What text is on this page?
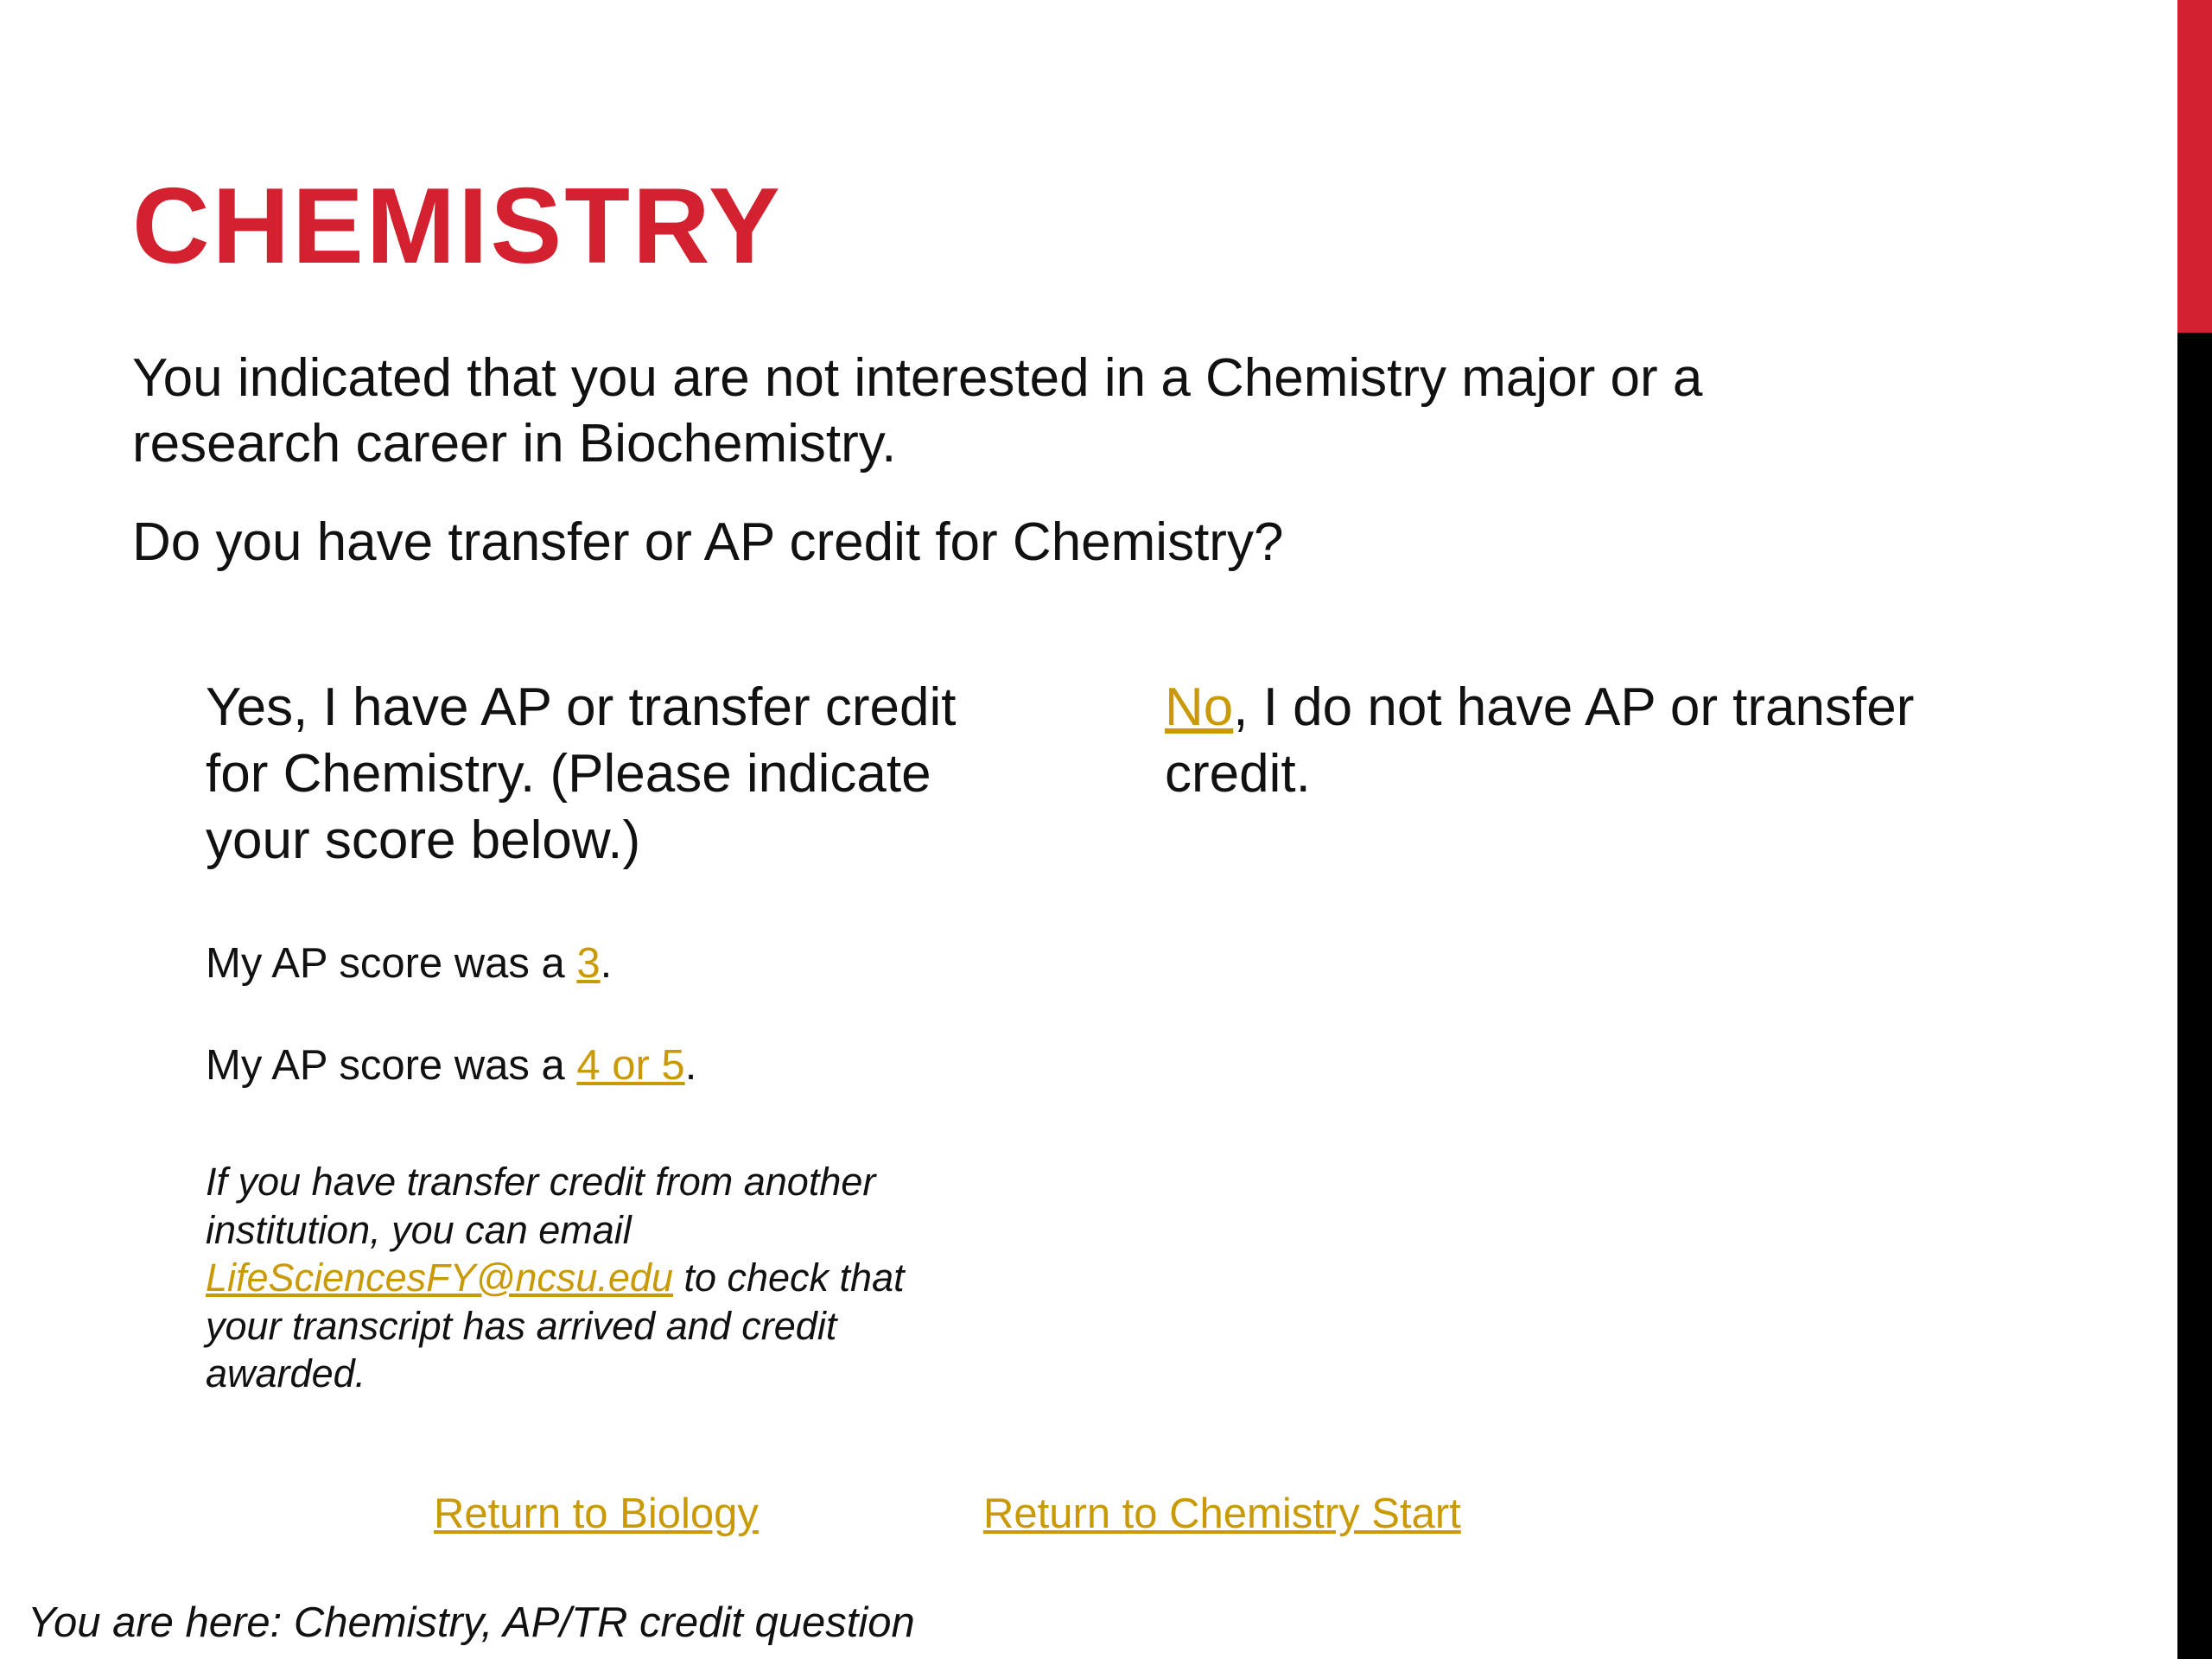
CHEMISTRY

You indicated that you are not interested in a Chemistry major or a research career in Biochemistry.

Do you have transfer or AP credit for Chemistry?

Yes, I have AP or transfer credit for Chemistry. (Please indicate your score below.)

No, I do not have AP or transfer credit.

My AP score was a 3.

My AP score was a 4 or 5.

If you have transfer credit from another institution, you can email LifeSciencesFY@ncsu.edu to check that your transcript has arrived and credit awarded.

Return to Biology	Return to Chemistry Start

You are here: Chemistry, AP/TR credit question
